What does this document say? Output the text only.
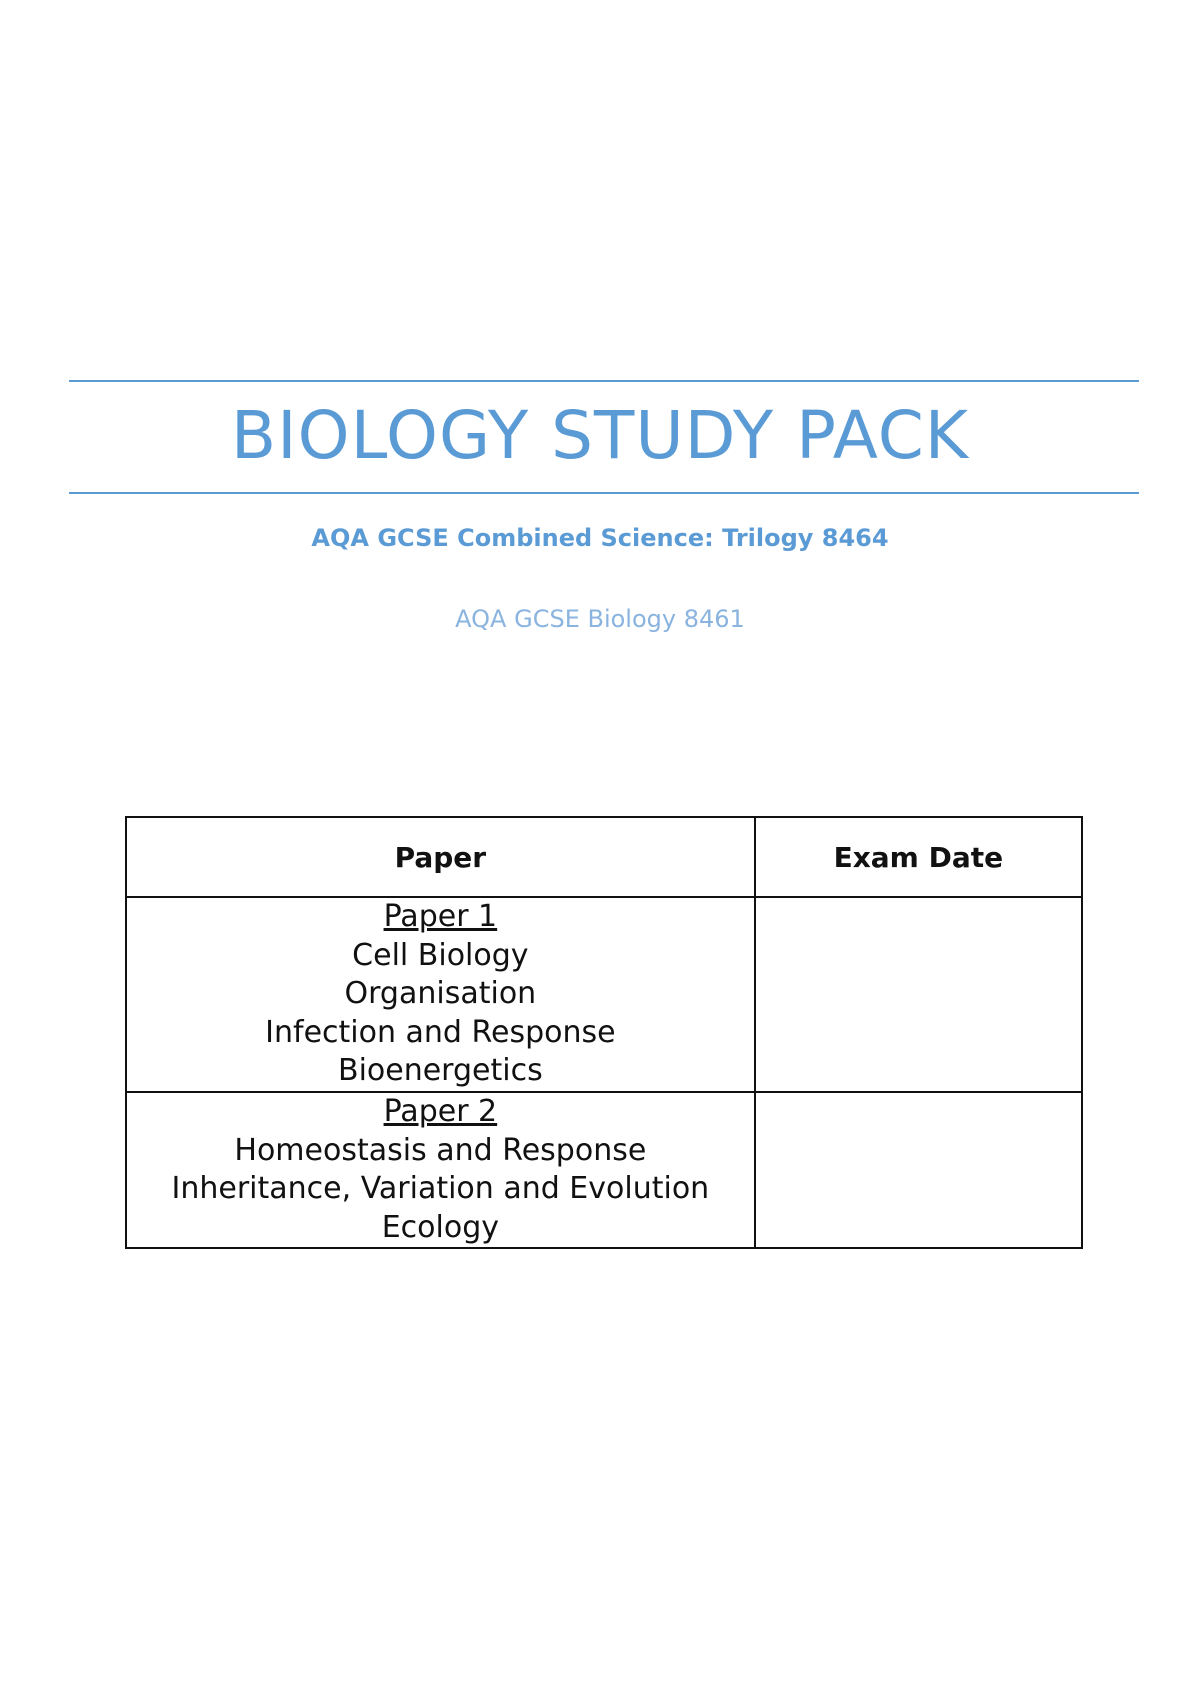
BIOLOGY STUDY PACK
AQA GCSE Combined Science: Trilogy 8464
AQA GCSE Biology 8461
Paper	Exam Date

Paper 1
Cell Biology
Organisation
Infection and Response
Bioenergetics	

Paper 2
Homeostasis and Response
Inheritance, Variation and Evolution
Ecology	
